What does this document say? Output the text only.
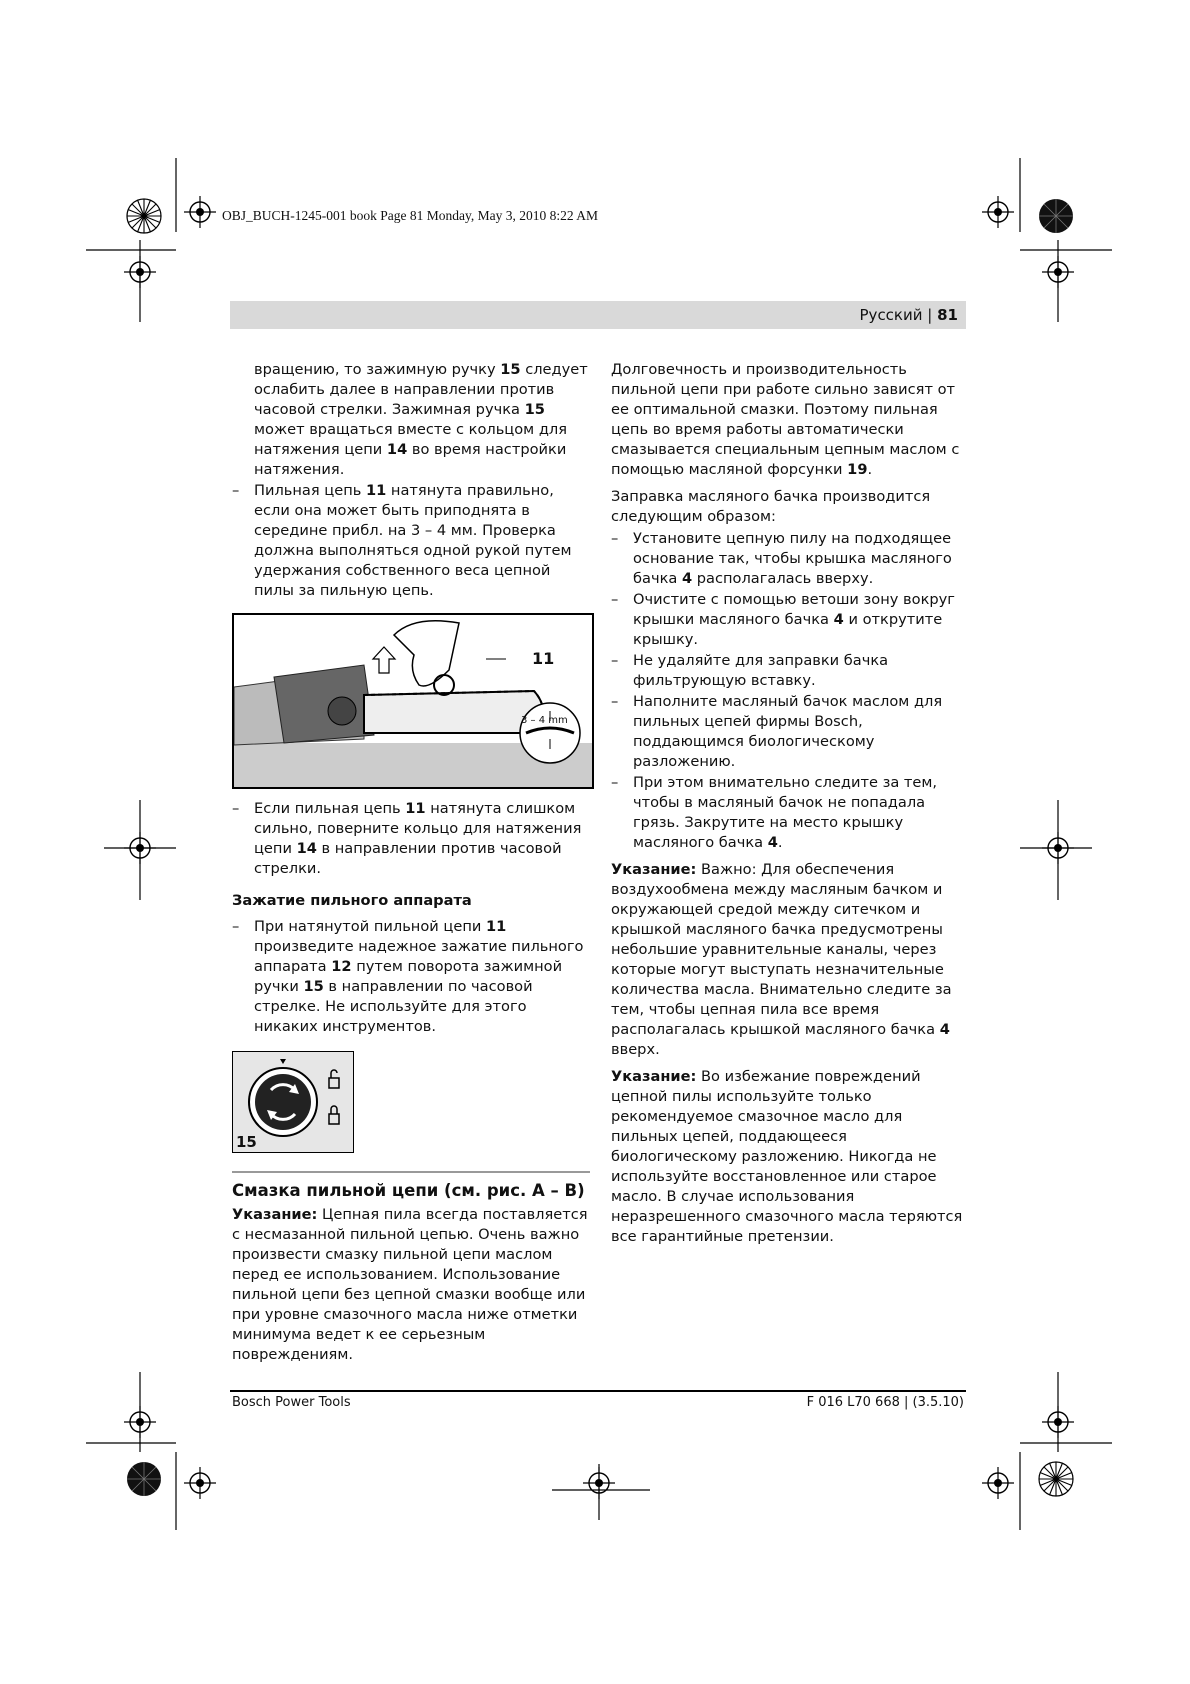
OBJ_BUCH-1245-001 book Page 81 Monday, May 3, 2010 8:22 AM
Русский | 81
вращению, то зажимную ручку 15 следует ослабить далее в направлении против часовой стрелки. Зажимная ручка 15 может вращаться вместе с кольцом для натяжения цепи 14 во время настройки натяжения.
– Пильная цепь 11 натянута правильно, если она может быть приподнята в середине прибл. на 3 – 4 мм. Проверка должна выполняться одной рукой путем удержания собственного веса цепной пилы за пильную цепь.
11
3 – 4 mm
– Если пильная цепь 11 натянута слишком сильно, поверните кольцо для натяжения цепи 14 в направлении против часовой стрелки.
Зажатие пильного аппарата
– При натянутой пильной цепи 11 произведите надежное зажатие пильного аппарата 12 путем поворота зажимной ручки 15 в направлении по часовой стрелке. Не используйте для этого никаких инструментов.
15
Смазка пильной цепи (см. рис. A – B)
Указание: Цепная пила всегда поставляется с несмазанной пильной цепью. Очень важно произвести смазку пильной цепи маслом перед ее использованием. Использование пильной цепи без цепной смазки вообще или при уровне смазочного масла ниже отметки минимума ведет к ее серьезным повреждениям.

Долговечность и производительность пильной цепи при работе сильно зависят от ее оптимальной смазки. Поэтому пильная цепь во время работы автоматически смазывается специальным цепным маслом с помощью масляной форсунки 19.

Заправка масляного бачка производится следующим образом:

– Установите цепную пилу на подходящее основание так, чтобы крышка масляного бачка 4 располагалась вверху.
– Очистите с помощью ветоши зону вокруг крышки масляного бачка 4 и открутите крышку.
– Не удаляйте для заправки бачка фильтрующую вставку.
– Наполните масляный бачок маслом для пильных цепей фирмы Bosch, поддающимся биологическому разложению.
– При этом внимательно следите за тем, чтобы в масляный бачок не попадала грязь. Закрутите на место крышку масляного бачка 4.

Указание: Важно: Для обеспечения воздухообмена между масляным бачком и окружающей средой между ситечком и крышкой масляного бачка предусмотрены небольшие уравнительные каналы, через которые могут выступать незначительные количества масла. Внимательно следите за тем, чтобы цепная пила все время располагалась крышкой масляного бачка 4 вверх.

Указание: Во избежание повреждений цепной пилы используйте только рекомендуемое смазочное масло для пильных цепей, поддающееся биологическому разложению. Никогда не используйте восстановленное или старое масло. В случае использования неразрешенного смазочного масла теряются все гарантийные претензии.

Bosch Power Tools	F 016 L70 668 | (3.5.10)
